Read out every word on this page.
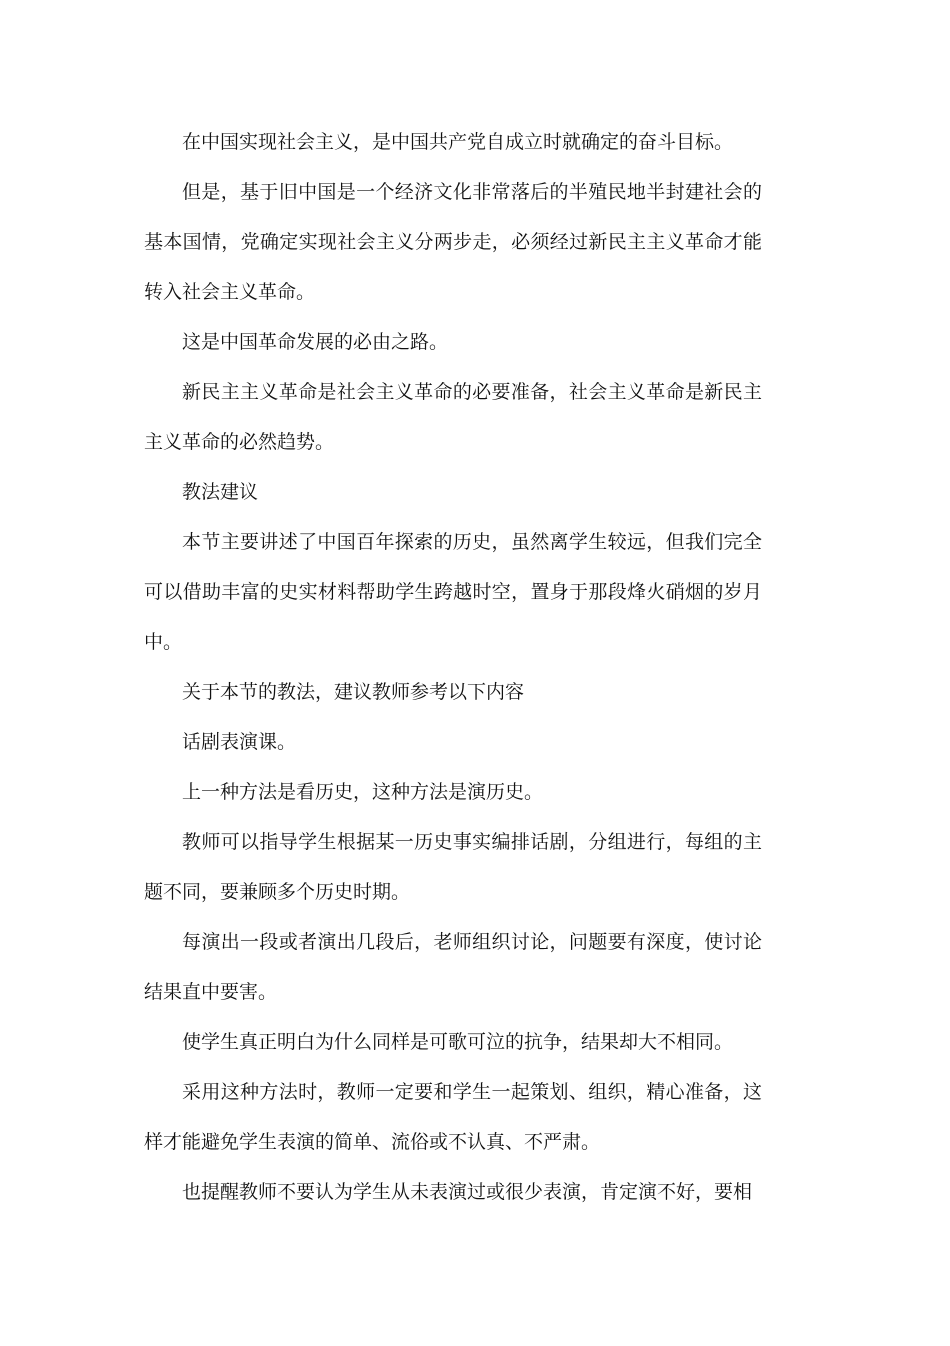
在中国实现社会主义，是中国共产党自成立时就确定的奋斗目标。

但是，基于旧中国是一个经济文化非常落后的半殖民地半封建社会的基本国情，党确定实现社会主义分两步走，必须经过新民主主义革命才能转入社会主义革命。

这是中国革命发展的必由之路。

新民主主义革命是社会主义革命的必要准备，社会主义革命是新民主主义革命的必然趋势。

教法建议

本节主要讲述了中国百年探索的历史，虽然离学生较远，但我们完全可以借助丰富的史实材料帮助学生跨越时空，置身于那段烽火硝烟的岁月中。

关于本节的教法，建议教师参考以下内容

话剧表演课。

上一种方法是看历史，这种方法是演历史。

教师可以指导学生根据某一历史事实编排话剧，分组进行，每组的主题不同，要兼顾多个历史时期。

每演出一段或者演出几段后，老师组织讨论，问题要有深度，使讨论结果直中要害。

使学生真正明白为什么同样是可歌可泣的抗争，结果却大不相同。

采用这种方法时，教师一定要和学生一起策划、组织，精心准备，这样才能避免学生表演的简单、流俗或不认真、不严肃。

也提醒教师不要认为学生从未表演过或很少表演，肯定演不好，要相
